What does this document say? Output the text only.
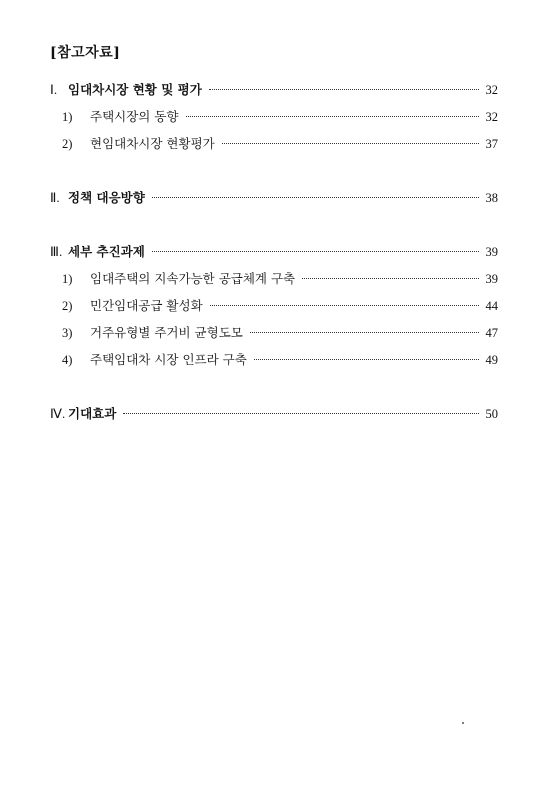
[참고자료]
Ⅰ. 임대차시장 현황 및 평가	32
1)	주택시장의 동향	32
2)	현임대차시장 현황평가	37
Ⅱ. 정책 대응방향	38
Ⅲ. 세부 추진과제	39
1)	임대주택의 지속가능한 공급체계 구축	39
2)	민간임대공급 활성화	44
3)	거주유형별 주거비 균형도모	47
4)	주택임대차 시장 인프라 구축	49
Ⅳ. 기대효과	50
